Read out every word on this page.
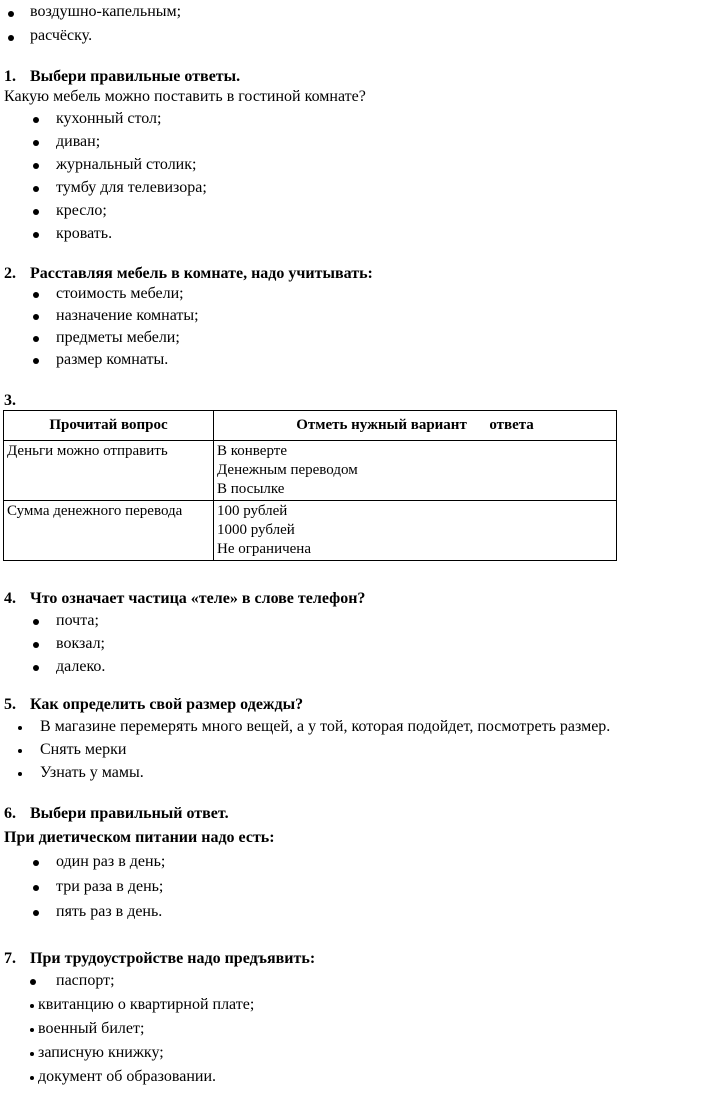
воздушно-капельным;
расчёску.
1. Выбери правильные ответы.
Какую мебель можно поставить в гостиной комнате?
кухонный стол;
диван;
журнальный столик;
тумбу для телевизора;
кресло;
кровать.
2. Расставляя мебель в комнате, надо учитывать:
стоимость мебели;
назначение комнаты;
предметы мебели;
размер комнаты.
3.
Прочитай вопрос	Отметь нужный вариант      ответа
Деньги можно отправить	В конверте
Денежным переводом
В посылке

Сумма денежного перевода	100 рублей
1000 рублей
Не ограничена
4. Что означает частица «теле» в слове телефон?
почта;
вокзал;
далеко.
5. Как определить свой размер одежды?
В магазине перемерять много вещей, а у той, которая подойдет, посмотреть размер.
Снять мерки
Узнать у мамы.
6. Выбери правильный ответ.
При диетическом питании надо есть:
один раз в день;
три раза в день;
пять раз в день.
7. При трудоустройстве надо предъявить:
паспорт;
квитанцию о квартирной плате;
военный билет;
записную книжку;
документ об образовании.
